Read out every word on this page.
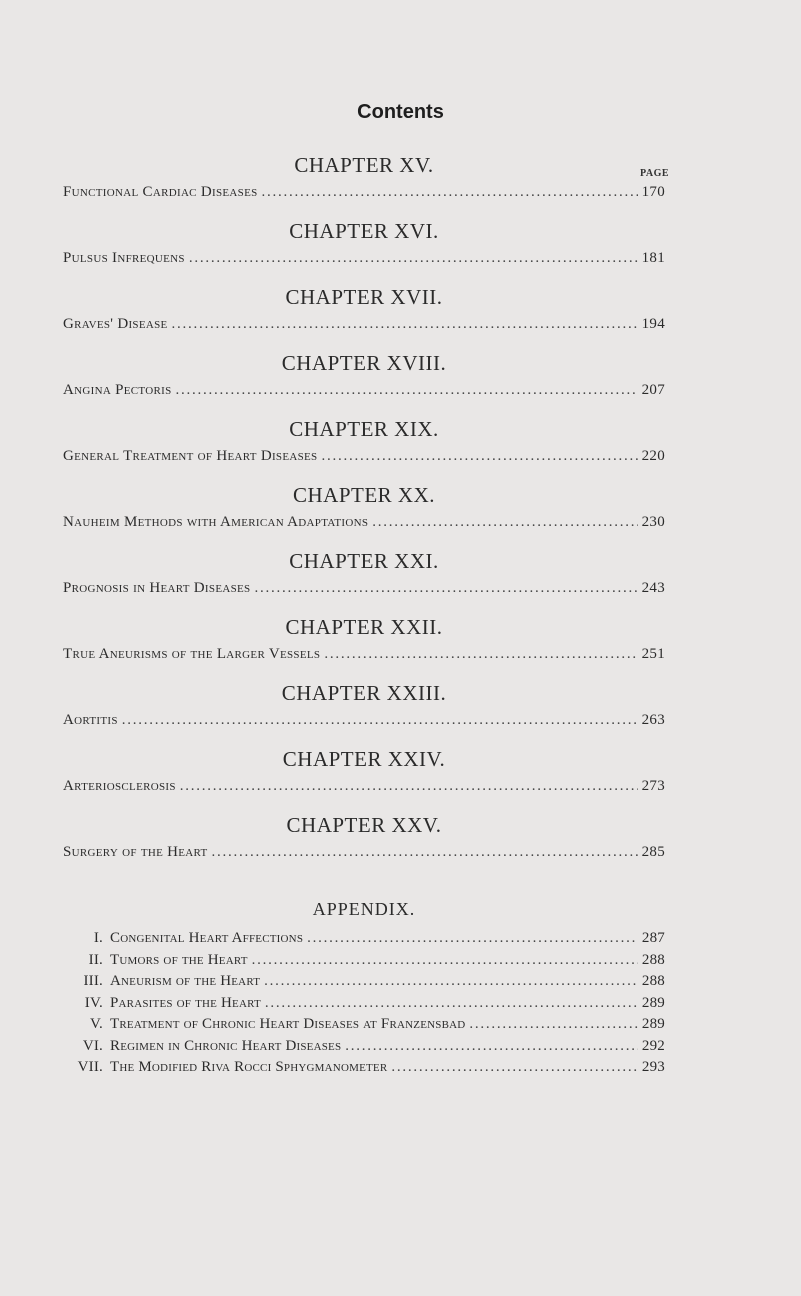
Contents
PAGE
CHAPTER XV.
Functional Cardiac Diseases . . .	170
CHAPTER XVI.
Pulsus Infrequens . . .	181
CHAPTER XVII.
Graves' Disease . . .	194
CHAPTER XVIII.
Angina Pectoris . . .	207
CHAPTER XIX.
General Treatment of Heart Diseases . . .	220
CHAPTER XX.
Nauheim Methods with American Adaptations . . .	230
CHAPTER XXI.
Prognosis in Heart Diseases . . .	243
CHAPTER XXII.
True Aneurisms of the Larger Vessels . . .	251
CHAPTER XXIII.
Aortitis . . .	263
CHAPTER XXIV.
Arteriosclerosis . . .	273
CHAPTER XXV.
Surgery of the Heart . . .	285
APPENDIX.
I. Congenital Heart Affections . . .	287
II. Tumors of the Heart . . .	288
III. Aneurism of the Heart . . .	288
IV. Parasites of the Heart . . .	289
V. Treatment of Chronic Heart Diseases at Franzensbad . . .	289
VI. Regimen in Chronic Heart Diseases . . .	292
VII. The Modified Riva Rocci Sphygmanometer . . .	293
